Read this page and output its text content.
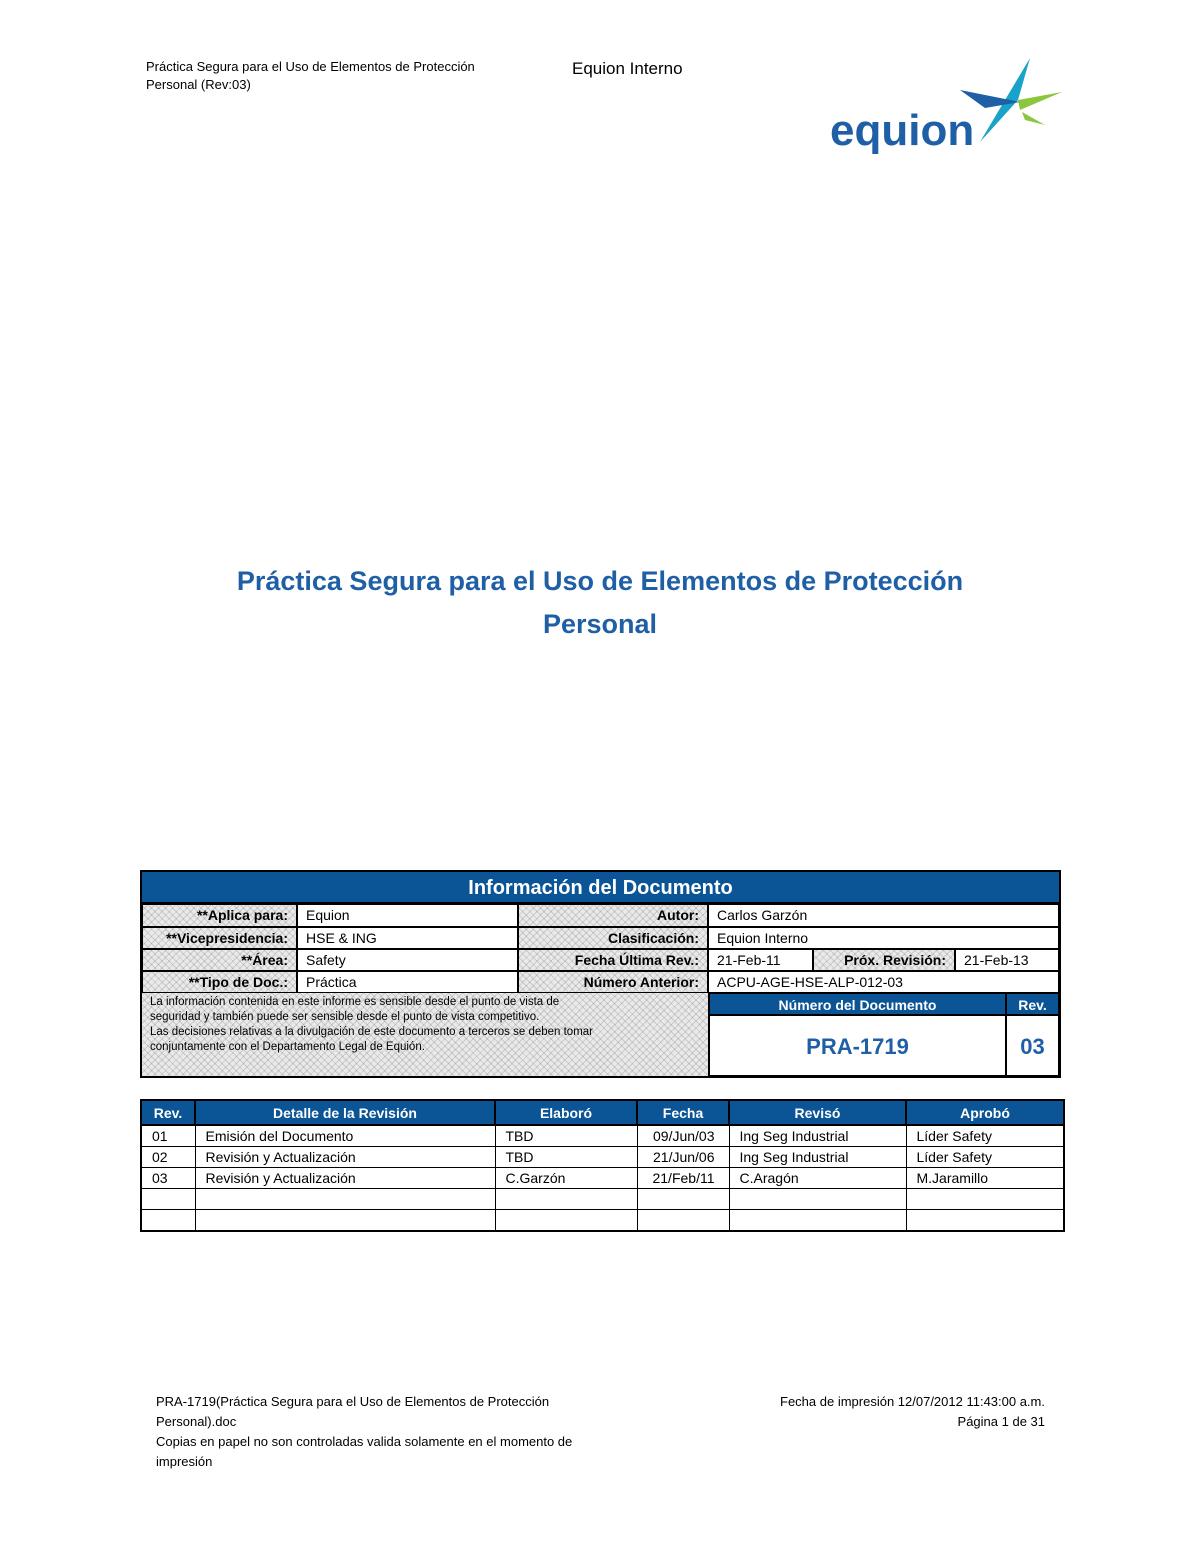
Práctica Segura para el Uso de Elementos de Protección
Personal (Rev:03)
Equion Interno
equion
Práctica Segura para el Uso de Elementos de Protección
Personal
Información del Documento
**Aplica para:	Equion	Autor:	Carlos Garzón
**Vicepresidencia:	HSE & ING	Clasificación:	Equion Interno
**Área:	Safety	Fecha Última Rev.:	21-Feb-11	Próx. Revisión:	21-Feb-13
**Tipo de Doc.:	Práctica	Número Anterior:	ACPU-AGE-HSE-ALP-012-03
La información contenida en este informe es sensible desde el punto de vista de
seguridad y también puede ser sensible desde el punto de vista competitivo.
Las decisiones relativas a la divulgación de este documento a terceros se deben tomar
conjuntamente con el Departamento Legal de Equión.
Número del Documento	Rev.
PRA-1719	03
Rev.	Detalle de la Revisión	Elaboró	Fecha	Revisó	Aprobó
01	Emisión del Documento	TBD	09/Jun/03	Ing Seg Industrial	Líder Safety
02	Revisión y Actualización	TBD	21/Jun/06	Ing Seg Industrial	Líder Safety
03	Revisión y Actualización	C.Garzón	21/Feb/11	C.Aragón	M.Jaramillo

PRA-1719(Práctica Segura para el Uso de Elementos de Protección
Personal).doc
Copias en papel no son controladas valida solamente en el momento de
impresión
Fecha de impresión 12/07/2012 11:43:00 a.m.
Página 1 de 31
